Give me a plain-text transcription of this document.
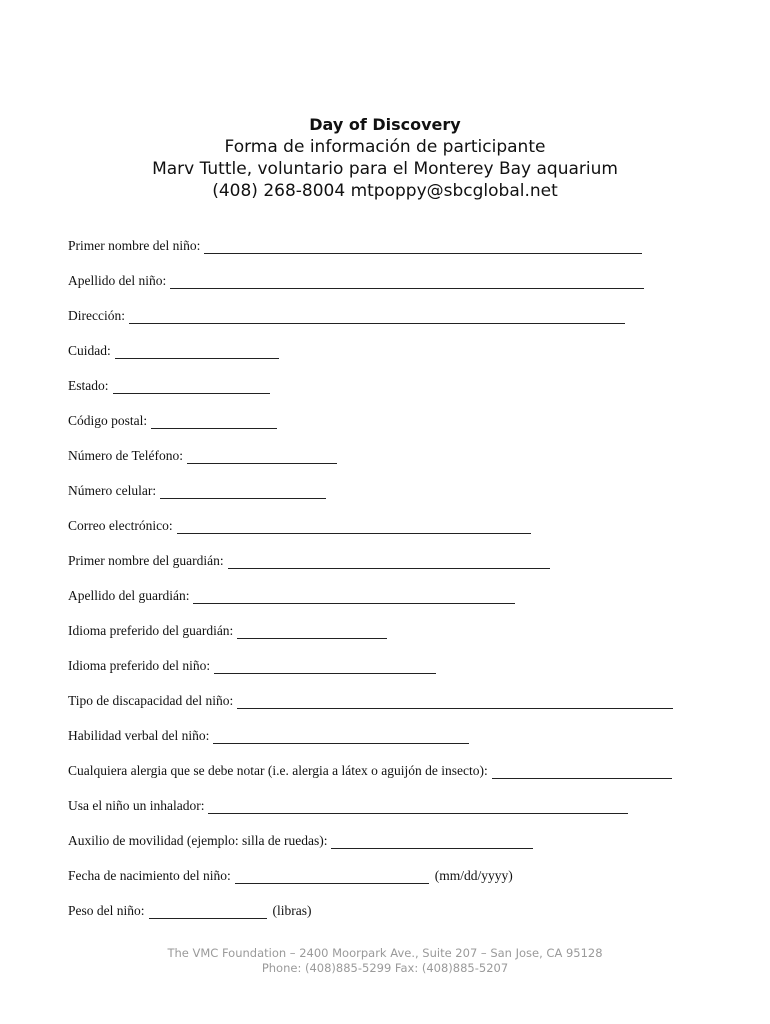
Day of Discovery
Forma de información de participante
Marv Tuttle, voluntario para el Monterey Bay aquarium
(408) 268-8004 mtpoppy@sbcglobal.net
Primer nombre del niño:
Apellido del niño:
Dirección:
Cuidad:
Estado:
Código postal:
Número de Teléfono:
Número celular:
Correo electrónico:
Primer nombre del guardián:
Apellido del guardián:
Idioma preferido del guardián:
Idioma preferido del niño:
Tipo de discapacidad del niño:
Habilidad verbal del niño:
Cualquiera alergia que se debe notar (i.e. alergia a látex o aguijón de insecto):
Usa el niño un inhalador:
Auxilio de movilidad (ejemplo: silla de ruedas):
Fecha de nacimiento del niño:	(mm/dd/yyyy)
Peso del niño:	(libras)
The VMC Foundation – 2400 Moorpark Ave., Suite 207 – San Jose, CA 95128
Phone: (408)885-5299 Fax: (408)885-5207
